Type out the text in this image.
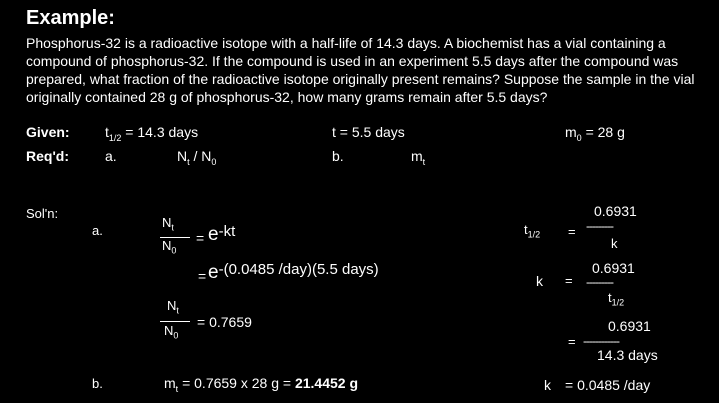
Example:
Phosphorus-32 is a radioactive isotope with a half-life of 14.3 days. A biochemist has a vial containing a compound of phosphorus-32. If the compound is used in an experiment 5.5 days after the compound was prepared, what fraction of the radioactive isotope originally present remains? Suppose the sample in the vial originally contained 28 g of phosphorus-32, how many grams remain after 5.5 days?
Given:	$t_{1/2} = 14.3$ days	t = 5.5 days	$m_0 = 28$ g
Req'd:	a.	$N_t / N_0$	b.	$m_t$
Sol'n:
a.
$N_t$
$N_0$
= e-kt
= e-(0.0485 /day)(5.5 days)
$N_t$
$N_0$
= 0.7659
b.	$m_t = 0.7659$ x 28 g = 21.4452 g
$t_{1/2}$ =
0.6931
---------
k
k =
0.6931
---------
$t_{1/2}$
=
0.6931
------------
14.3 days
k = 0.0485 /day
